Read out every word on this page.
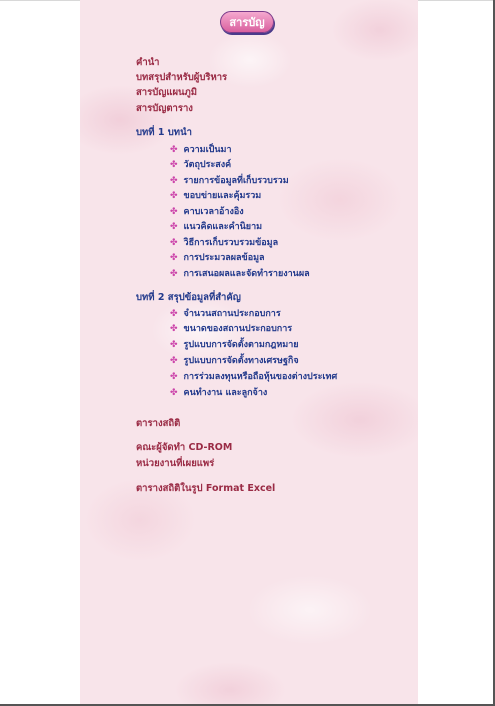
สารบัญ
คำนำ
บทสรุปสำหรับผู้บริหาร
สารบัญแผนภูมิ
สารบัญตาราง
บทที่ 1 บทนำ
✤ ความเป็นมา
✤ วัตถุประสงค์
✤ รายการข้อมูลที่เก็บรวบรวม
✤ ขอบข่ายและคุ้มรวม
✤ คาบเวลาอ้างอิง
✤ แนวคิดและคำนิยาม
✤ วิธีการเก็บรวบรวมข้อมูล
✤ การประมวลผลข้อมูล
✤ การเสนอผลและจัดทำรายงานผล
บทที่ 2 สรุปข้อมูลที่สำคัญ
✤ จำนวนสถานประกอบการ
✤ ขนาดของสถานประกอบการ
✤ รูปแบบการจัดตั้งตามกฎหมาย
✤ รูปแบบการจัดตั้งทางเศรษฐกิจ
✤ การร่วมลงทุนหรือถือหุ้นของต่างประเทศ
✤ คนทำงาน และลูกจ้าง
ตารางสถิติ
คณะผู้จัดทำ CD-ROM
หน่วยงานที่เผยแพร่
ตารางสถิติในรูป Format Excel
